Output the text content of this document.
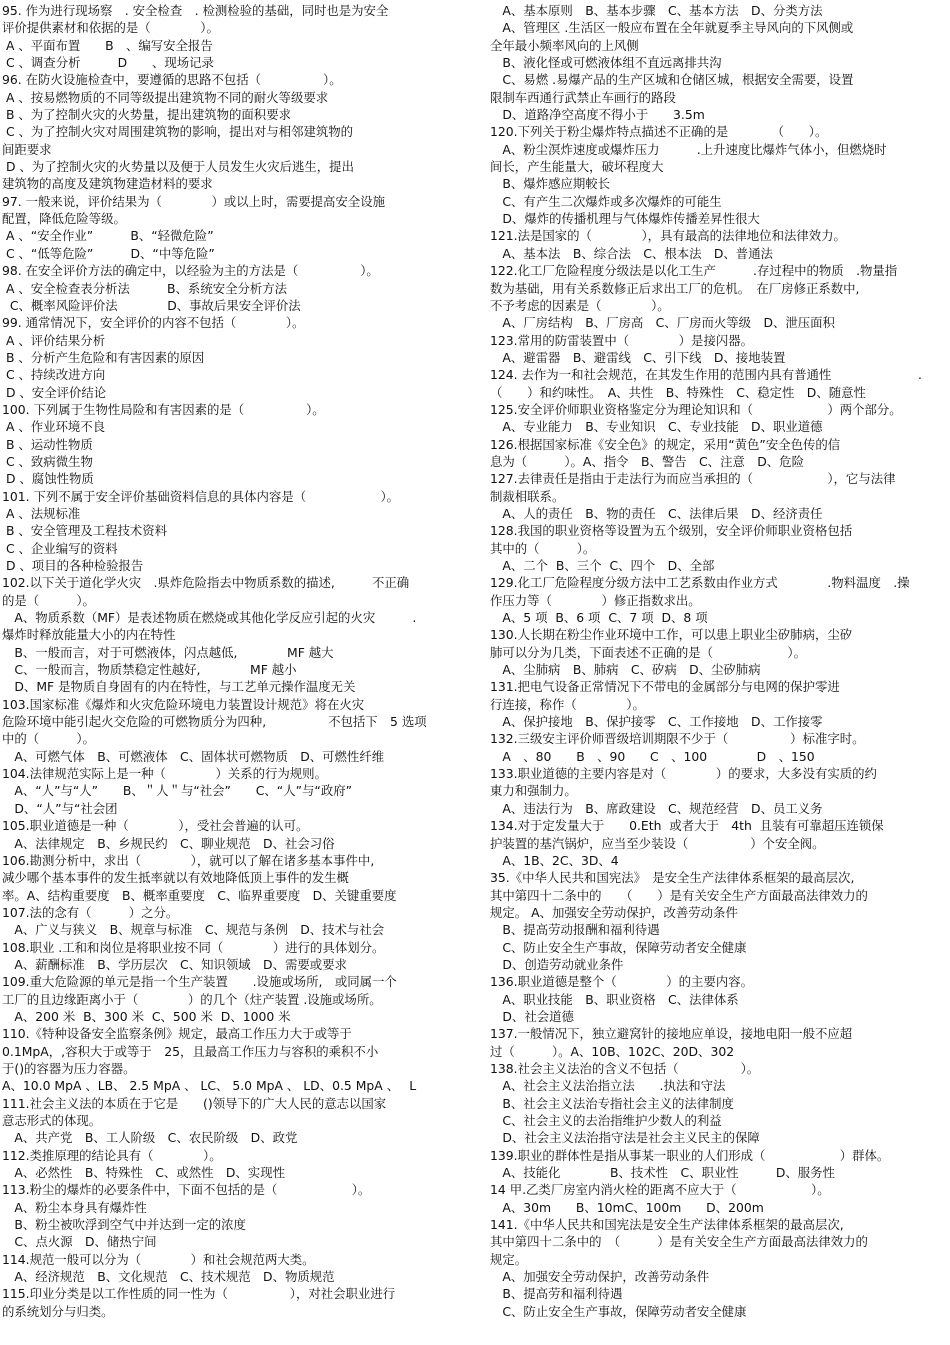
95. 作为进行现场察　. 安全检查　. 检测检验的基础，同时也是为安全
评价提供素材和依据的是（　　　　）。
A 、平面布置　　B　、编写安全报告
C 、调查分析　　　D　　、现场记录
96. 在防火设施检查中，要遵循的思路不包括（　　　　　）。
A 、按易燃物质的不同等级提出建筑物不同的耐火等级要求
B 、为了控制火灾的火势量，提出建筑物的面积要求
C 、为了控制火灾对周围建筑物的影响，提出对与相邻建筑物的
间距要求
D 、为了控制火灾的火势量以及便于人员发生火灾后逃生，提出
建筑物的高度及建筑物建造材料的要求
97. 一般来说，评价结果为（　　　　）或以上时，需要提高安全设施
配置，降低危险等级。
A 、“安全作业”　　　B、“轻微危险”
C 、“低等危险”　　　D、“中等危险”
98. 在安全评价方法的确定中，以经验为主的方法是（　　　　　）。
A 、安全检查表分析法　　　B、系统安全分析方法
C、概率风险评价法　　　　D、事故后果安全评价法
99. 通常情况下，安全评价的内容不包括（　　　　）。
A 、评价结果分析
B 、分析产生危险和有害因素的原因
C 、持续改进方向
D 、安全评价结论
100. 下列属于生物性局险和有害因素的是（　　　　　）。
A 、作业环境不良
B 、运动性物质
C 、致病微生物
D 、腐蚀性物质
101. 下列不属于安全评价基础资料信息的具体内容是（　　　　　　）。
A 、法规标准
B 、安全管理及工程技术资料
C 、企业编写的资料
D 、项目的各种检验报告
102.以下关于道化学火灾　.県炸危险指去中物质系数的描述,　　　不正确
的是（　　　）。
　A、物质系数（MF）是表述物质在燃烧或其他化学反应引起的火灾　　　.
爆炸时释放能量大小的内在特性
　B、一般而言，对于可燃液体，闪点越低,　　　　MF 越大
　C、一般而言，物质禁稳定性越好,　　　　MF 越小
　D、MF 是物质自身固有的内在特性，与工艺单元操作温度无关
103.国家标准《爆炸和火灾危险环境电力装置设计规范》将在火灾
危险环境中能引起火交危险的可燃物质分为四种,　　　　　不包括下　5 选项
中的（　　　）。
　A、可燃气体　B、可燃液体　C、固体状可燃物质　D、可燃性纤维
104.法律规范实际上是一种（　　　　）关系的行为规则。
　A、“人”与“人”　　B、＂人＂与“社会”　　C、“人”与“政府”
　D、“人”与“社会团
105.职业道德是一种（　　　　），受社会普遍的认可。
　A、法律规定　B、乡规民约　C、聊业规范　D、社会习俗
106.勘测分析中，求出（　　　　），就可以了解在诸多基本事件中,
减少哪个基本事件的发生抵率就以有效地降低顶上事件的发生概
率。A、结构重要度　B、概率重要度　C、临界重要度　D、关键重要度
107.法的念有（　　　）之分。
　A、广义与狭义　B、规章与标准　C、规范与条例　D、技术与社会
108.职业 .工和和岗位是将职业按不同（　　　　）进行的具体划分。
　A、薪酬标准　B、学历层次　C、知识领域　D、需要或要求
109.重大危险源的单元是指一个生产装置　　.设施或场所,　或同属一个
工厂的且边缘距离小于（　　　　）的几个（炷产装置 .设施或场所。
　A、200 米  B、300 米  C、500 米  D、1000 米
110.《特种设备安全监察条例》规定，最高工作压力大于或等于
0.1MpA，,容积大于或等于　25，且最高工作压力与容积的乘积不小
于()的容器为压力容器。
A、10.0 MpA 、LB、 2.5 MpA 、 LC、 5.0 MpA 、 LD、0.5 MpA 、　 L
111.社会主义法的本质在于它是　　()领导下的广大人民的意志以国家
意志形式的体现。
　A、共产党　B、工人阶级　C、农民阶级　D、政党
112.类推原理的结论具有（　　　　）。
　A、必然性　B、特殊性　C、或然性　D、实现性
113.粉尘的爆炸的必要条件中，下面不包括的是（　　　　　　）。
　A、粉尘本身具有爆炸性
　B、粉尘被吹浮到空气中并达到一定的浓度
　C、点火源　D、储热宁间
114.规范一般可以分为（　　　　）和社会规范两大类。
　A、经济规范　B、文化规范　C、技术规范　D、物质规范
115.印业分类是以工作性质的同一性为（　　　　　），对社会职业进行
的系统划分与归类。
　A、基本原则　B、基本步骤　C、基本方法　D、分类方法
　A、管理区 .生活区一般应布置在全年就夏季主导风向的下风侧或
全年最小频率风向的上风侧
　B、液化怪或可燃液体组不直远离排共沟
　C、易燃 .易爆产品的生产区城和仓储区城，根据安全需要，设置
限制车西通行武禁止车画行的路段
　D、道路净空高度不得小于　　3.5m
120.下列关于粉尘爆炸特点描述不正确的是　　　　（　　）。
　A、粉尘溟炸速度或爆炸压力　　　.上升速度比爆炸气体小，但燃烧时
间长，产生能量大，破坏程度大
　B、爆炸感应期較长
　C、有产生二次爆炸或多次爆炸的可能生
　D、爆炸的传播机理与气体爆炸传播差昇性很大
121.法是国家的（　　　　），具有最高的法律地位和法律效力。
　A、基本法　B、综合法　C、根本法　D、普通法
122.化工厂危险程度分级法是以化工生产　　　.存过程中的物质　.物量指
数为基础，用有关系数修正后求出工厂的危机。　在厂房修正系数中,
不予考虑的因素是（　　　　）。
　A、厂房结构　B、厂房高　C、厂房而火等级　D、泄压面积
123.常用的防雷装置中（　　　　）是接闪器。
　A、避雷器　B、避雷线　C、引下线　D、接地装置
124. 去作为一和社会规范，在其发生作用的范围内具有普通性　　　　　　　.
（　　）和约味性。　A、共性　B、特殊性　C、稳定性　D、随意性
125.安全评价师职业资格鉴定分为理论知识和（　　　　　　）两个部分。
　A、专业能力　B、专业知识　C、专业技能　D、职业道德
126.根据国家标准《安全色》的规定，采用“黄色”安全色传的信
息为（　　　）。A、指令　B、警告　C、注意　D、危险
127.去律责任是指由于走法行为而应当承担的（　　　　　　），它与法律
制裁相联系。
　A、人的责任　B、物的责任　C、法律后果　D、经济责任
128.我国的职业资格等设置为五个级别，安全评价师职业资格包括
其中的（　　　）。
　A、二个  B、三个  C、四个　D、全部
129.化工厂危险程度分级方法中工艺系数由作业方式　　　　.物料温度　.操
作压力等（　　　　）修正指数求出。
　A、5 项  B、6 项  C、7 项  D、8 项
130.人长期在粉尘作业环境中工作，可以患上职业尘矽肺病，尘矽
肺可以分为几类，下面表述不正确的是（　　　　　　）。
　A、尘肺病　B、肺病　C、矽病　D、尘矽肺病
131.把电气设备正常情况下不带电的金属部分与电网的保护零进
行连接，称作（　　　　）。
　A、保护接地　B、保护接零　C、工作接地　D、工作接零
132.三级安主评价师晋级培训期限不少于（　　　　　）标准字时。
　A　、80　　B　、90　　C　、100　　　　D　、150
133.职业道德的主要内容是对（　　　　）的要求，大多没有实质的约
東力和强制力。
　A、违法行为　B、席政建设　C、规范经营　D、员工义务
134.对于定发量大于　　0.Eth  或者大于　4th  且装有可靠超压连锁保
护装置的基汽锅炉，应当至少装设（　　　　　）个安全阀。
　A、1B、2C、3D、4
35.《中华人民共和国宪法》　是安全生产法律体系框架的最高层次,
其中第四十二条中的　　（　　）是有关安全生产方面最高法律效力的
规定。 A、加强安全劳动保护，改善劳动条件
　B、提高劳动报酬和福利待遇
　C、防止安全生产事故，保障劳动者安全健康
　D、创造劳动就业条件
136.职业道德是整个（　　　　）的主要内容。
　A、职业技能　B、职业资格　C、法律体系
　D、社会道德
137.一般情况下，独立避窝针的接地应单设，接地电阳一般不应超
过（　　　）。A、10B、102C、20D、302
138.社会主义法治的含义不包括（　　　　　）。
　A、社会主义法治指立法　　.执法和守法
　B、社会主义法治专指社会主义的法律制度
　C、社会主义的去治指维护少数人的利益
　D、社会主义法治指守法是社会主义民主的保障
139.职业的群体性是指从事某一职业的人们形成（　　　　　　）群体。
　A、技能化　　　　B、技术性　C、职业性　　　D、服务性
14 甲.乙类厂房室内消火栓的距离不应大于（　　　　　　）。
　A、30m　　B、10mC、100m　　D、200m
141.《中华人民共和国宪法是安全生产法律体系框架的最高层次,
其中第四十二条中的　（　　　）是有关安全生产方面最高法律效力的
规定。
　A、加强安全劳动保护，改善劳动条件
　B、提高劳和福利待遇
　C、防止安全生产事故，保障劳动者安全健康
